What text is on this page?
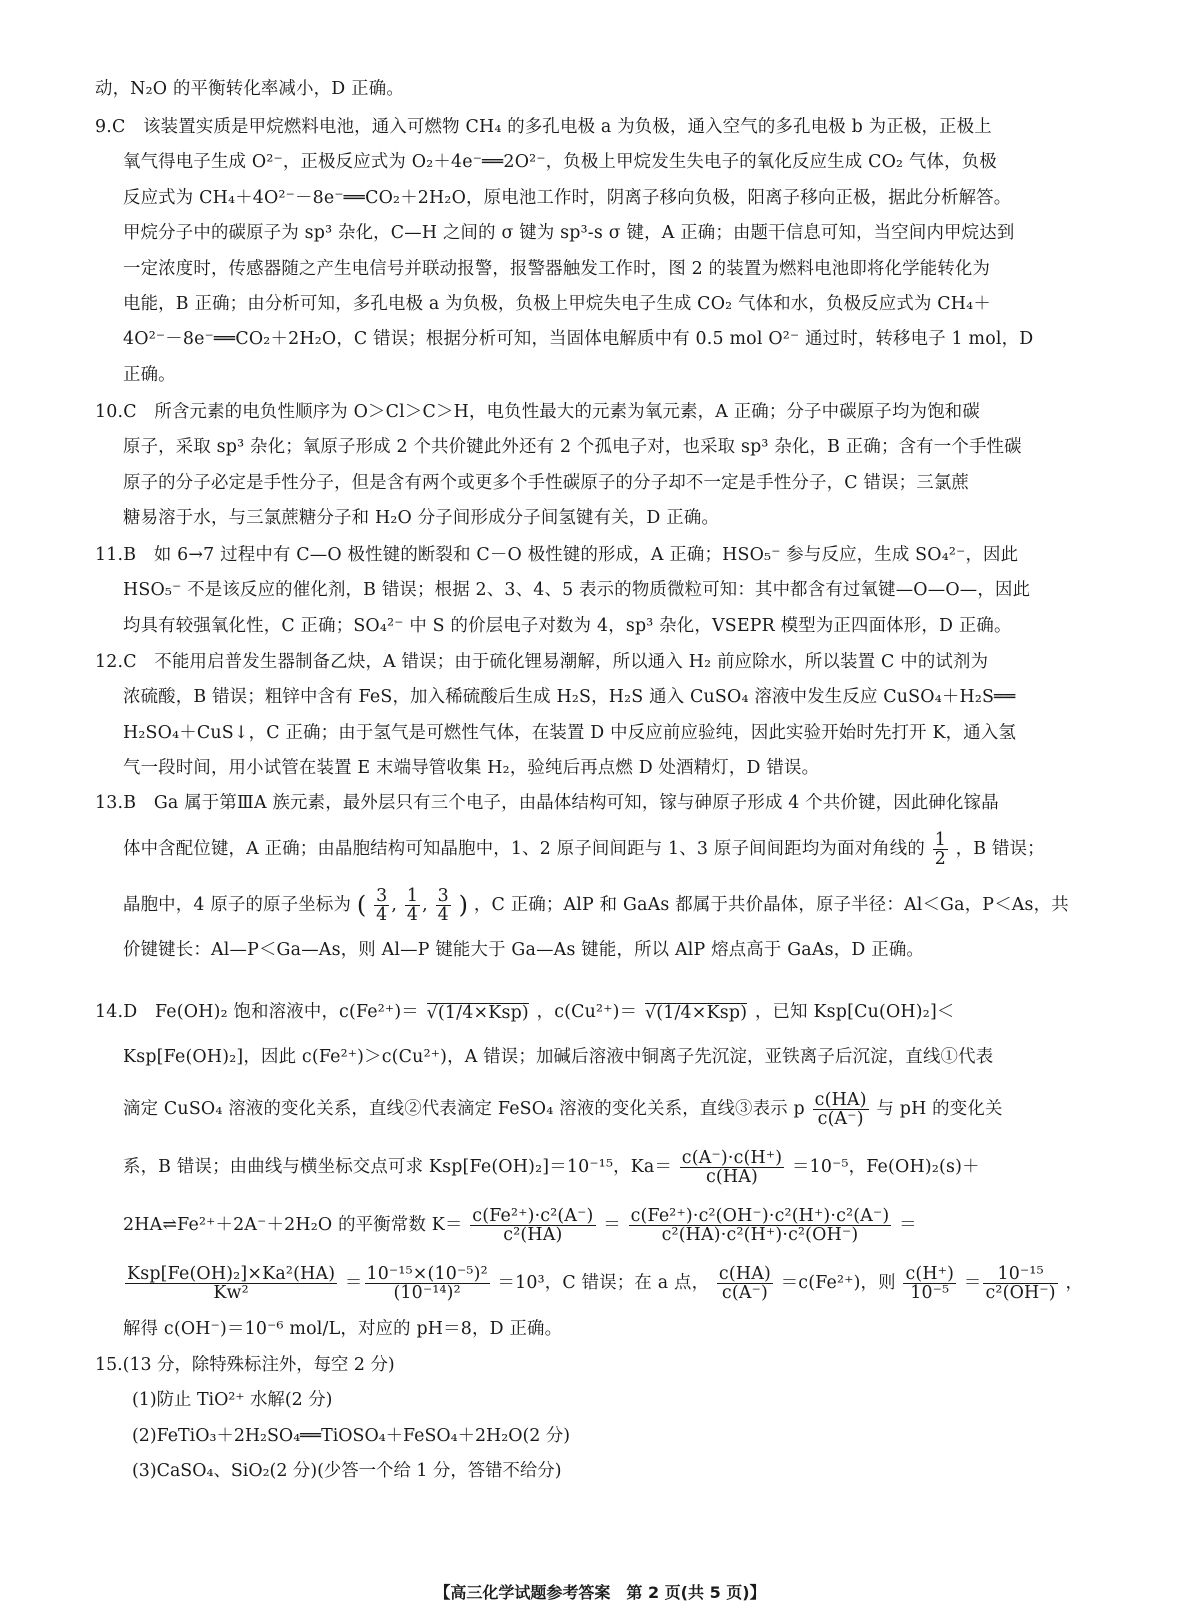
动，N₂O 的平衡转化率减小，D 正确。
9.C　该装置实质是甲烷燃料电池，通入可燃物 CH₄ 的多孔电极 a 为负极，通入空气的多孔电极 b 为正极，正极上
氧气得电子生成 O²⁻，正极反应式为 O₂＋4e⁻══2O²⁻，负极上甲烷发生失电子的氧化反应生成 CO₂ 气体，负极
反应式为 CH₄＋4O²⁻－8e⁻══CO₂＋2H₂O，原电池工作时，阴离子移向负极，阳离子移向正极，据此分析解答。
甲烷分子中的碳原子为 sp³ 杂化，C—H 之间的 σ 键为 sp³-s σ 键，A 正确；由题干信息可知，当空间内甲烷达到
一定浓度时，传感器随之产生电信号并联动报警，报警器触发工作时，图 2 的装置为燃料电池即将化学能转化为
电能，B 正确；由分析可知，多孔电极 a 为负极，负极上甲烷失电子生成 CO₂ 气体和水，负极反应式为 CH₄＋
4O²⁻－8e⁻══CO₂＋2H₂O，C 错误；根据分析可知，当固体电解质中有 0.5 mol O²⁻ 通过时，转移电子 1 mol，D
正确。
10.C　所含元素的电负性顺序为 O＞Cl＞C＞H，电负性最大的元素为氧元素，A 正确；分子中碳原子均为饱和碳
原子，采取 sp³ 杂化；氧原子形成 2 个共价键此外还有 2 个孤电子对，也采取 sp³ 杂化，B 正确；含有一个手性碳
原子的分子必定是手性分子，但是含有两个或更多个手性碳原子的分子却不一定是手性分子，C 错误；三氯蔗
糖易溶于水，与三氯蔗糖分子和 H₂O 分子间形成分子间氢键有关，D 正确。
11.B　如 6→7 过程中有 C—O 极性键的断裂和 C－O 极性键的形成，A 正确；HSO₅⁻ 参与反应，生成 SO₄²⁻，因此
HSO₅⁻ 不是该反应的催化剂，B 错误；根据 2、3、4、5 表示的物质微粒可知：其中都含有过氧键—O—O—，因此
均具有较强氧化性，C 正确；SO₄²⁻ 中 S 的价层电子对数为 4，sp³ 杂化，VSEPR 模型为正四面体形，D 正确。
12.C　不能用启普发生器制备乙炔，A 错误；由于硫化锂易潮解，所以通入 H₂ 前应除水，所以装置 C 中的试剂为
浓硫酸，B 错误；粗锌中含有 FeS，加入稀硫酸后生成 H₂S，H₂S 通入 CuSO₄ 溶液中发生反应 CuSO₄＋H₂S══
H₂SO₄＋CuS↓，C 正确；由于氢气是可燃性气体，在装置 D 中反应前应验纯，因此实验开始时先打开 K，通入氢
气一段时间，用小试管在装置 E 末端导管收集 H₂，验纯后再点燃 D 处酒精灯，D 错误。
13.B　Ga 属于第ⅢA 族元素，最外层只有三个电子，由晶体结构可知，镓与砷原子形成 4 个共价键，因此砷化镓晶
体中含配位键，A 正确；由晶胞结构可知晶胞中，1、2 原子间间距与 1、3 原子间间距均为面对角线的 $\frac{1}{2}$ ，B 错误；
晶胞中，4 原子的原子坐标为 ( $\frac{3}{4}$ , $\frac{1}{4}$ , $\frac{3}{4}$ ) ，C 正确；AlP 和 GaAs 都属于共价晶体，原子半径：Al＜Ga，P＜As，共
价键键长：Al—P＜Ga—As，则 Al—P 键能大于 Ga—As 键能，所以 AlP 熔点高于 GaAs，D 正确。
14.D　Fe(OH)₂ 饱和溶液中，c(Fe²⁺)＝ √(1/4×Ksp) ，c(Cu²⁺)＝ √(1/4×Ksp) ，已知 Ksp[Cu(OH)₂]＜
Ksp[Fe(OH)₂]，因此 c(Fe²⁺)＞c(Cu²⁺)，A 错误；加碱后溶液中铜离子先沉淀，亚铁离子后沉淀，直线①代表
滴定 CuSO₄ 溶液的变化关系，直线②代表滴定 FeSO₄ 溶液的变化关系，直线③表示 p $\frac{c(HA)}{c(A^-)}$ 与 pH 的变化关
系，B 错误；由曲线与横坐标交点可求 Ksp[Fe(OH)₂]＝10⁻¹⁵，$Ka= \frac{c(A^-)\cdot c(H^+)}{c(HA)} =10^{-5}$，Fe(OH)₂(s)＋
2HA⇌Fe²⁺＋2A⁻＋2H₂O 的平衡常数 $K= \frac{\text{c(Fe²⁺)·c²(A⁻)}}{\text{c²(HA)}} = \frac{\text{c(Fe²⁺)·c²(OH⁻)·c²(H⁺)·c²(A⁻)}}{\text{c²(HA)·c²(H⁺)·c²(OH⁻)}}$ ＝
$\frac{\text{Ksp[Fe(OH)₂]×Ka²(HA)}}{\text{Kw²}} = \frac{\text{10⁻¹⁵×(10⁻⁵)²}}{\text{(10⁻¹⁴)²}} =10^3$，C 错误；在 a 点， $\frac{c(HA)}{c(A^-)} =c(Fe^{2+})$，则 $\frac{c(H^+)}{\text{10⁻⁵}} = \frac{\text{10⁻¹⁵}}{\text{c²(OH⁻)}}$ ，
解得 c(OH⁻)＝10⁻⁶ mol/L，对应的 pH＝8，D 正确。
15.(13 分，除特殊标注外，每空 2 分)
(1)防止 TiO²⁺ 水解(2 分)
(2)FeTiO₃＋2H₂SO₄══TiOSO₄＋FeSO₄＋2H₂O(2 分)
(3)CaSO₄、SiO₂(2 分)(少答一个给 1 分，答错不给分)
【高三化学试题参考答案　第 2 页(共 5 页)】
